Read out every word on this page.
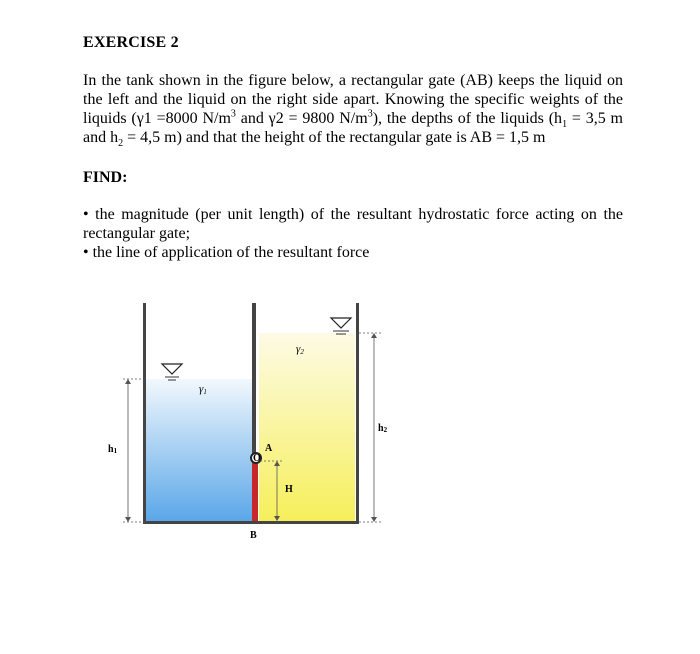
EXERCISE 2
In the tank shown in the figure below, a rectangular gate (AB) keeps the liquid on the left and the liquid on the right side apart. Knowing the specific weights of the liquids (γ1 =8000 $N/m^3$ and γ2 = 9800 $N/m^3$), the depths of the liquids ($h_1 = 3,5$ m and $h_2 = 4,5$ m) and that the height of the rectangular gate is AB = 1,5 m
FIND:

• the magnitude (per unit length) of the resultant hydrostatic force acting on the rectangular gate;

• the line of application of the resultant force

O
γ2
γ1
h1
h2
A
H
B
